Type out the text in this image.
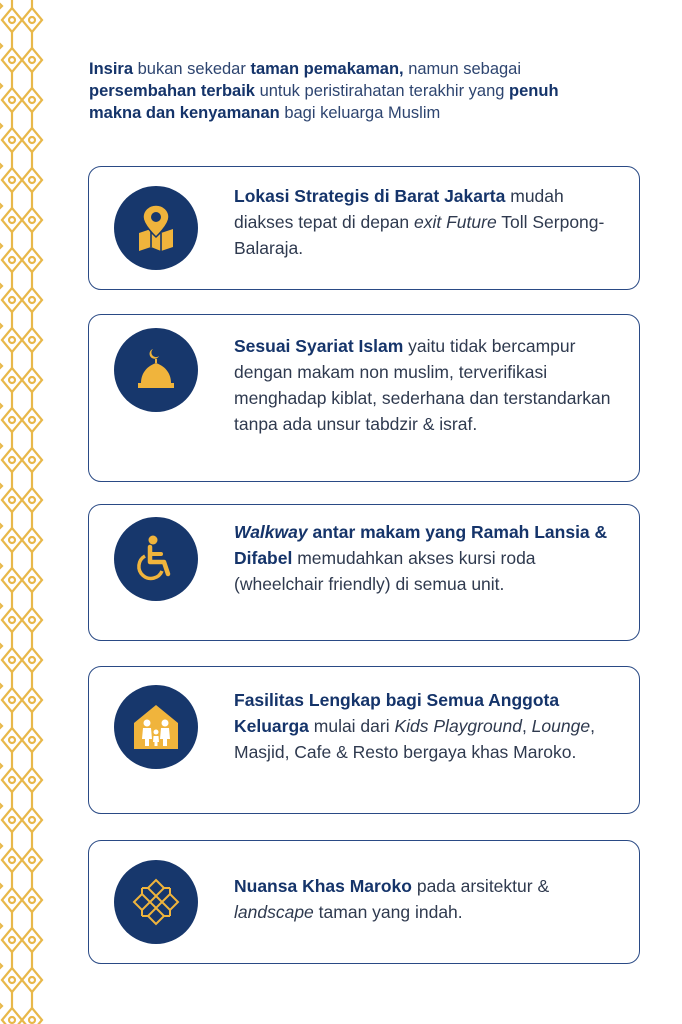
Insira bukan sekedar taman pemakaman, namun sebagai persembahan terbaik untuk peristirahatan terakhir yang penuh makna dan kenyamanan bagi keluarga Muslim

Lokasi Strategis di Barat Jakarta mudah diakses tepat di depan exit Future Toll Serpong-Balaraja.

Sesuai Syariat Islam yaitu tidak bercampur dengan makam non muslim, terverifikasi menghadap kiblat, sederhana dan terstandarkan tanpa ada unsur tabdzir & israf.

Walkway antar makam yang Ramah Lansia & Difabel memudahkan akses kursi roda (wheelchair friendly) di semua unit.

Fasilitas Lengkap bagi Semua Anggota Keluarga mulai dari Kids Playground, Lounge, Masjid, Cafe & Resto bergaya khas Maroko.

Nuansa Khas Maroko pada arsitektur & landscape taman yang indah.
